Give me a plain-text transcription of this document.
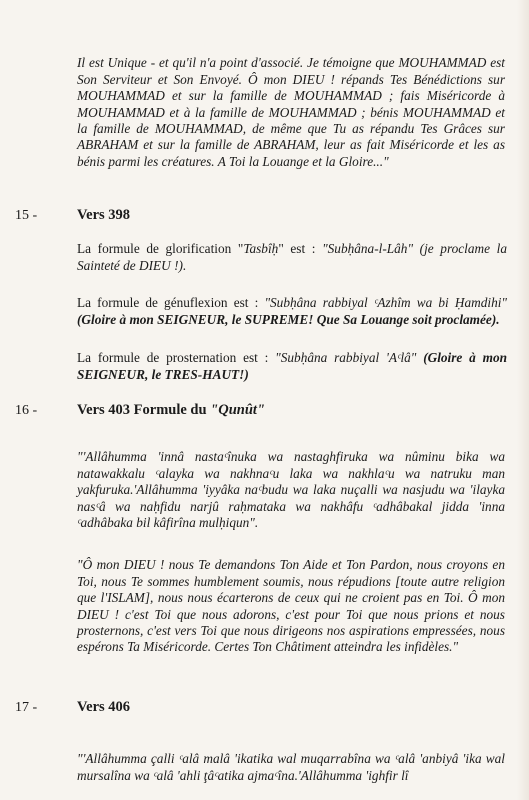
Il est Unique - et qu'il n'a point d'associé. Je témoigne que MOUHAMMAD est Son Serviteur et Son Envoyé. Ô mon DIEU ! répands Tes Bénédictions sur MOUHAMMAD et sur la famille de MOUHAMMAD ; fais Miséricorde à MOUHAMMAD et à la famille de MOUHAMMAD ; bénis MOUHAMMAD et la famille de MOUHAMMAD, de même que Tu as répandu Tes Grâces sur ABRAHAM et sur la famille de ABRAHAM, leur as fait Miséricorde et les as bénis parmi les créatures. A Toi la Louange et la Gloire..."

15 -	Vers 398

La formule de glorification "Tasbîḥ" est : "Subḥâna-l-Lâh" (je proclame la Sainteté de DIEU !).

La formule de génuflexion est : "Subḥâna rabbiyal ᶜAzhîm wa bi Ḥamdihi" (Gloire à mon SEIGNEUR, le SUPREME! Que Sa Louange soit proclamée).

La formule de prosternation est : "Subḥâna rabbiyal 'Aᶜlâ" (Gloire à mon SEIGNEUR, le TRES-HAUT!)

16 -	Vers 403 Formule du "Qunût"

"'Allâhumma 'innâ nastaᶜînuka wa nastaghfiruka wa nûminu bika wa natawakkalu ᶜalayka wa nakhnaᶜu laka wa nakhlaᶜu wa natruku man yakfuruka.'Allâhumma 'iyyâka naᶜbudu wa laka nuçalli wa nasjudu wa 'ilayka nasᶜâ wa naḥfidu narjû raḥmataka wa nakhâfu ᶜadhâbakal jidda 'inna ᶜadhâbaka bil kâfirîna mulḥiqun".

"Ô mon DIEU ! nous Te demandons Ton Aide et Ton Pardon, nous croyons en Toi, nous Te sommes humblement soumis, nous répudions [toute autre religion que l'ISLAM], nous nous écarterons de ceux qui ne croient pas en Toi. Ô mon DIEU ! c'est Toi que nous adorons, c'est pour Toi que nous prions et nous prosternons, c'est vers Toi que nous dirigeons nos aspirations empressées, nous espérons Ta Miséricorde. Certes Ton Châtiment atteindra les infidèles."

17 -	Vers 406

"'Allâhumma çalli ᶜalâ malâ 'ikatika wal muqarrabîna wa ᶜalâ 'anbiyâ 'ika wal mursalîna wa ᶜalâ 'ahli ţâᶜatika ajmaᶜîna.'Allâhumma 'ighfir lî
